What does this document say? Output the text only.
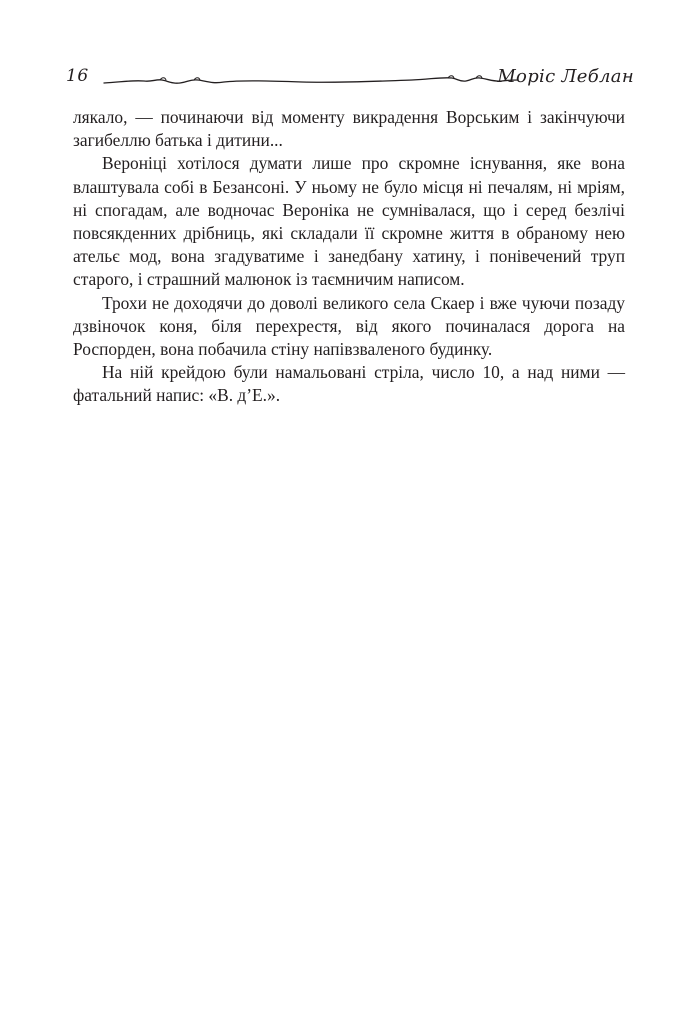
16	Моріс Леблан

лякало, — починаючи від моменту викрадення Ворським і закінчуючи загибеллю батька і дитини...

Вероніці хотілося думати лише про скромне існування, яке вона влаштувала собі в Безансоні. У ньому не було місця ні печалям, ні мріям, ні спогадам, але водночас Вероніка не сумнівалася, що і серед безлічі повсякденних дрібниць, які складали її скромне життя в обраному нею ательє мод, вона згадуватиме і занедбану хатину, і понівечений труп старого, і страшний малюнок із таємничим написом.

Трохи не доходячи до доволі великого села Скаер і вже чуючи позаду дзвіночок коня, біля перехрестя, від якого починалася дорога на Роспорден, вона побачила стіну напівзваленого будинку.

На ній крейдою були намальовані стріла, число 10, а над ними — фатальний напис: «В. д’Е.».
